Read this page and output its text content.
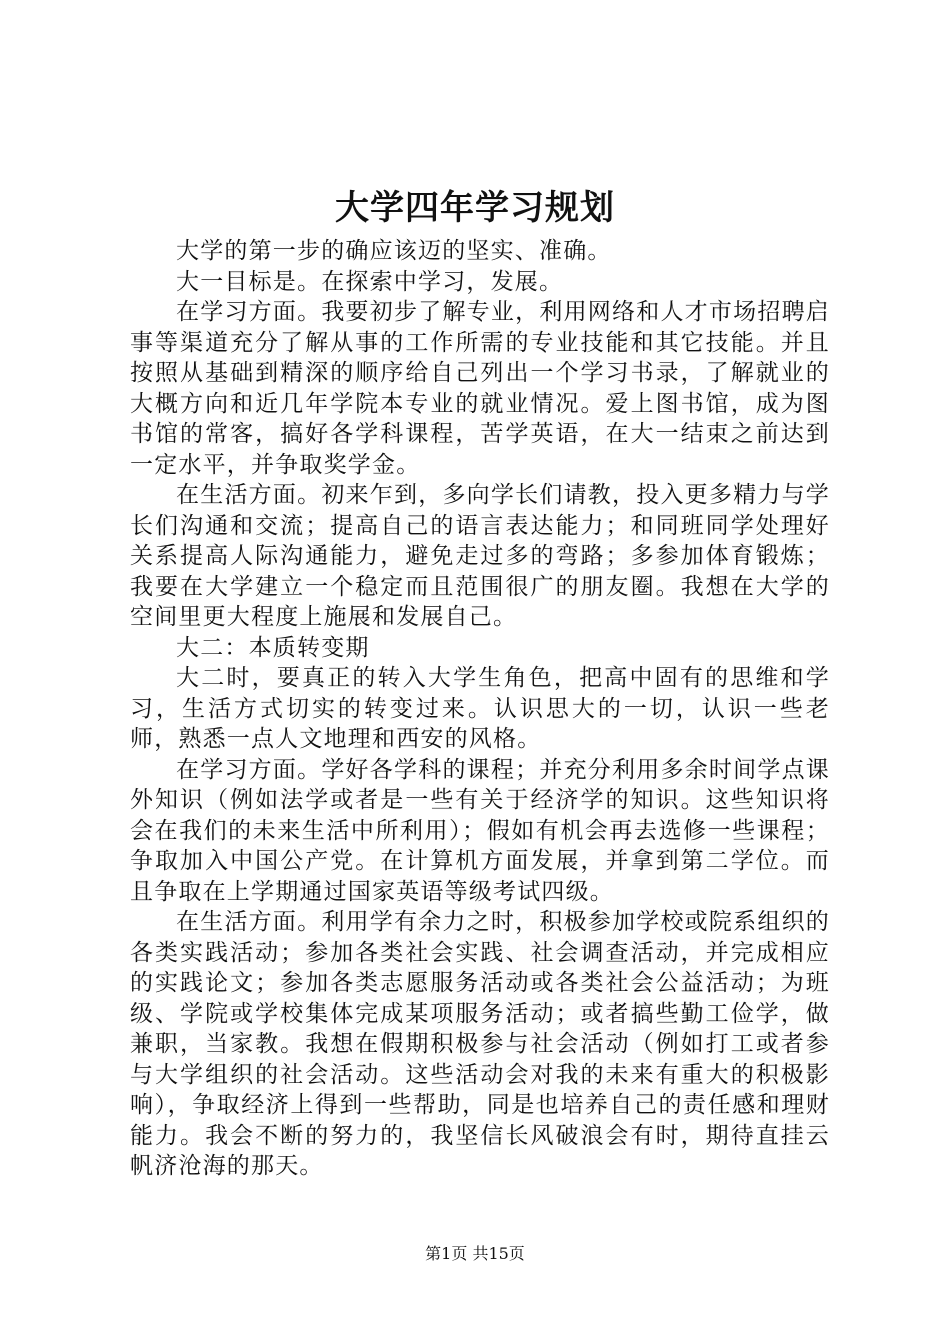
大学四年学习规划

大学的第一步的确应该迈的坚实、准确。

大一目标是。在探索中学习，发展。

在学习方面。我要初步了解专业，利用网络和人才市场招聘启事等渠道充分了解从事的工作所需的专业技能和其它技能。并且按照从基础到精深的顺序给自己列出一个学习书录，了解就业的大概方向和近几年学院本专业的就业情况。爱上图书馆，成为图书馆的常客，搞好各学科课程，苦学英语，在大一结束之前达到一定水平，并争取奖学金。

在生活方面。初来乍到，多向学长们请教，投入更多精力与学长们沟通和交流；提高自己的语言表达能力；和同班同学处理好关系提高人际沟通能力，避免走过多的弯路；多参加体育锻炼；我要在大学建立一个稳定而且范围很广的朋友圈。我想在大学的空间里更大程度上施展和发展自己。

大二：本质转变期

大二时，要真正的转入大学生角色，把高中固有的思维和学习，生活方式切实的转变过来。认识思大的一切，认识一些老师，熟悉一点人文地理和西安的风格。

在学习方面。学好各学科的课程；并充分利用多余时间学点课外知识（例如法学或者是一些有关于经济学的知识。这些知识将会在我们的未来生活中所利用）；假如有机会再去选修一些课程；争取加入中国公产党。在计算机方面发展，并拿到第二学位。而且争取在上学期通过国家英语等级考试四级。

在生活方面。利用学有余力之时，积极参加学校或院系组织的各类实践活动；参加各类社会实践、社会调查活动，并完成相应的实践论文；参加各类志愿服务活动或各类社会公益活动；为班级、学院或学校集体完成某项服务活动；或者搞些勤工俭学，做兼职，当家教。我想在假期积极参与社会活动（例如打工或者参与大学组织的社会活动。这些活动会对我的未来有重大的积极影响），争取经济上得到一些帮助，同是也培养自己的责任感和理财能力。我会不断的努力的，我坚信长风破浪会有时，期待直挂云帆济沧海的那天。

第1页 共15页
